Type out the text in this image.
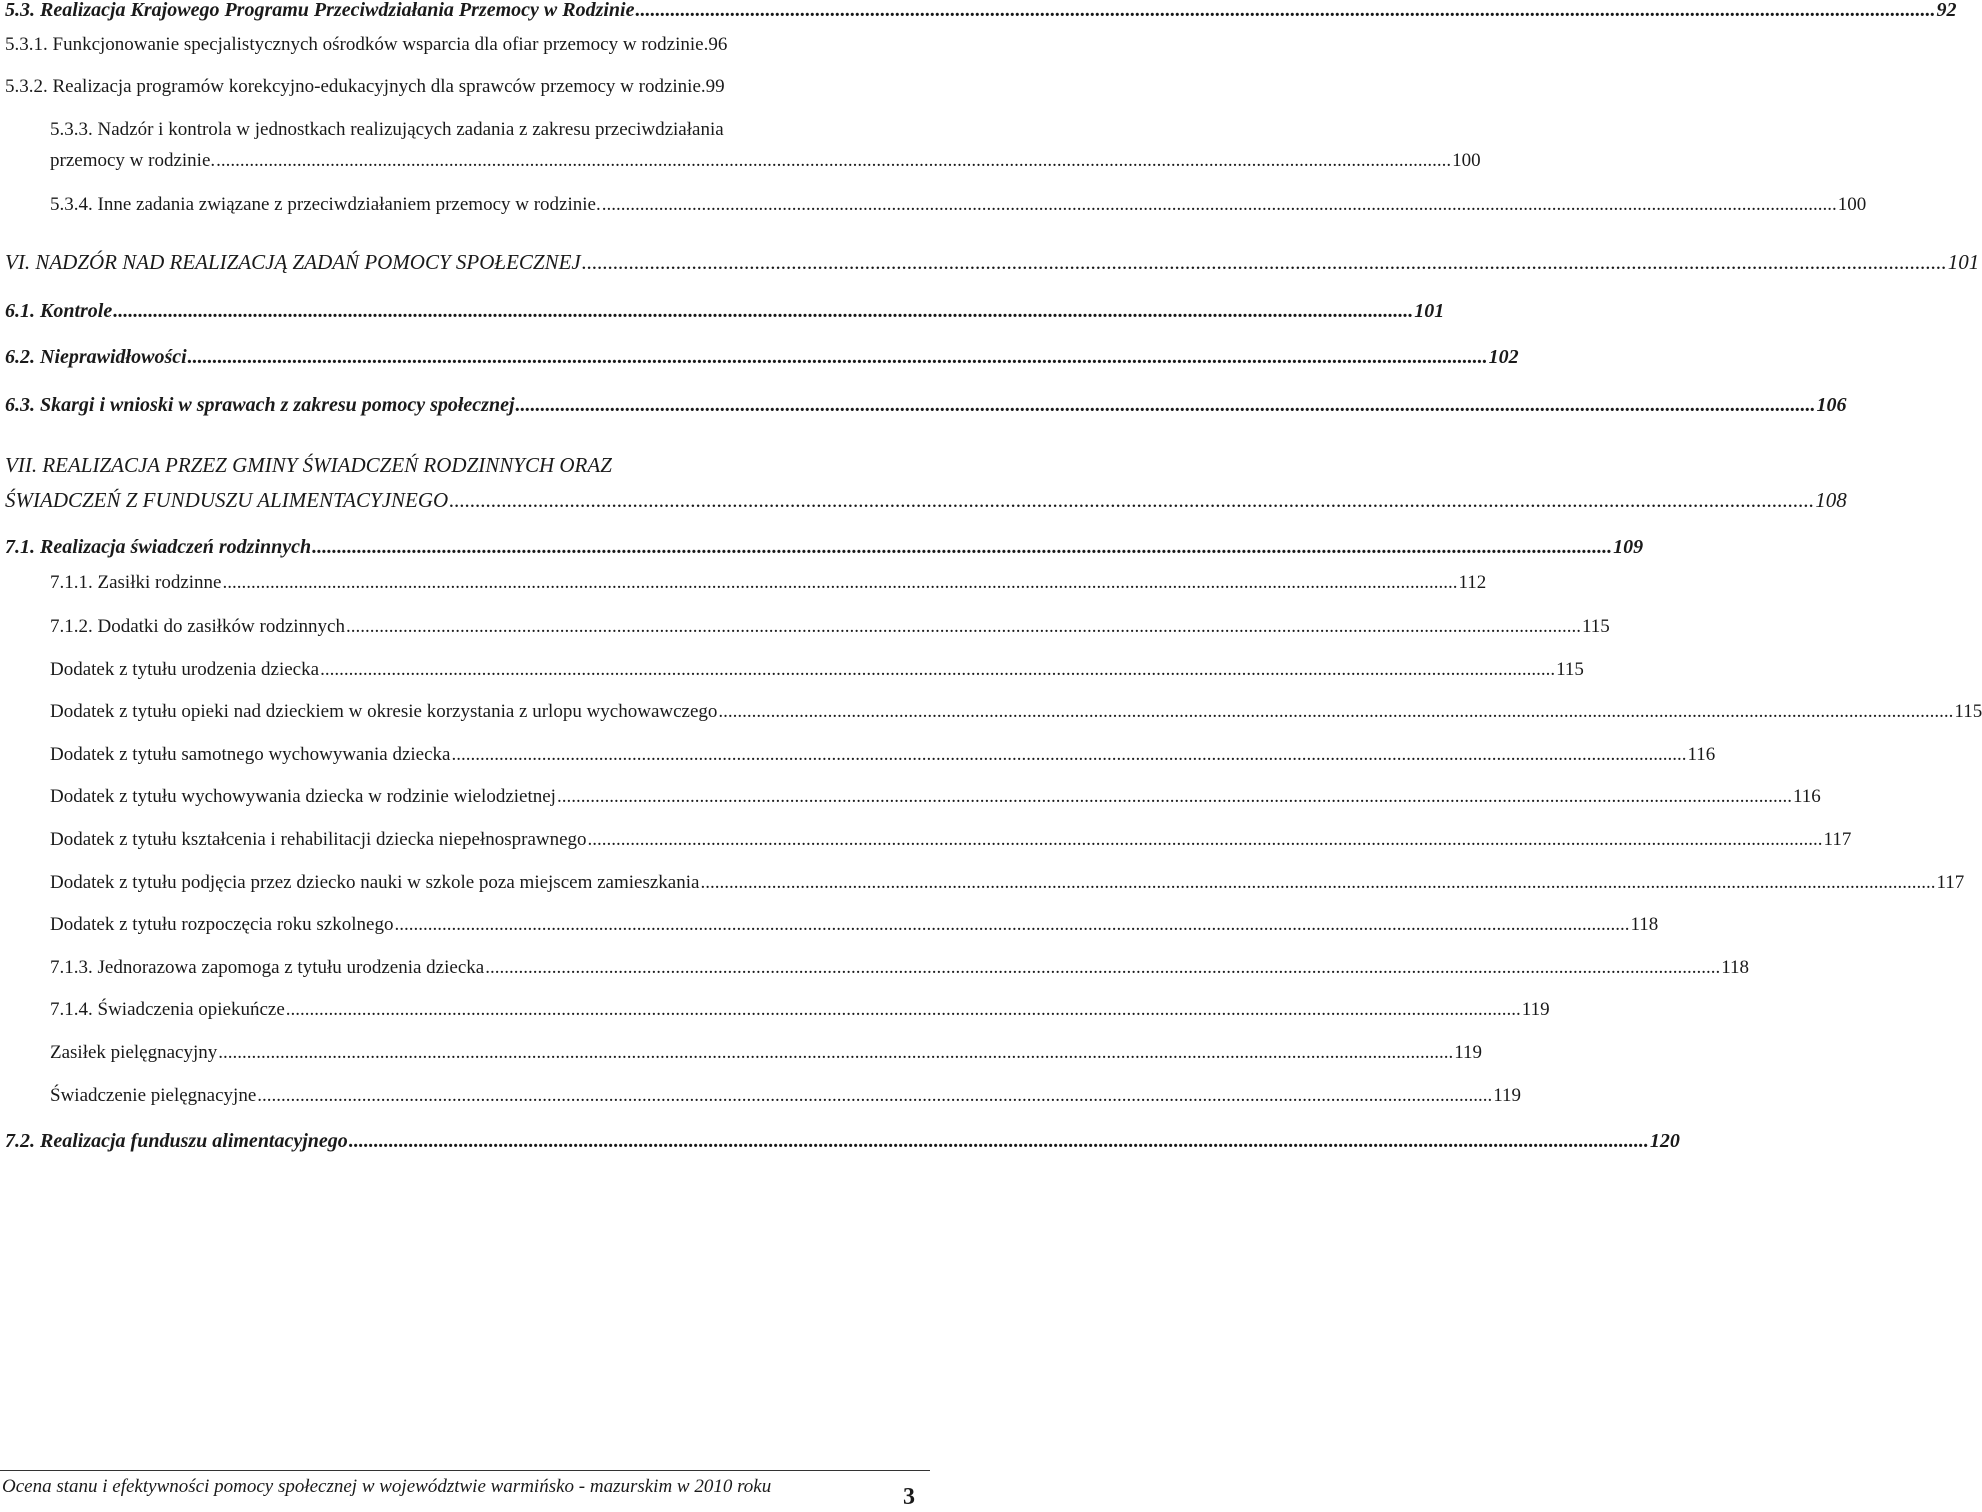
5.3. Realizacja Krajowego Programu Przeciwdziałania Przemocy w Rodzinie .....	92
5.3.1. Funkcjonowanie specjalistycznych ośrodków wsparcia dla ofiar przemocy w rodzinie. 96
5.3.2. Realizacja programów korekcyjno-edukacyjnych dla sprawców przemocy w rodzinie. 99
5.3.3. Nadzór i kontrola w jednostkach realizujących zadania z zakresu przeciwdziałania
przemocy w rodzinie. .....	100
5.3.4. Inne zadania związane z przeciwdziałaniem przemocy w rodzinie. .....	100
VI. NADZÓR NAD REALIZACJĄ ZADAŃ POMOCY SPOŁECZNEJ .....	101
6.1. Kontrole .....	101
6.2. Nieprawidłowości .....	102
6.3. Skargi i wnioski w sprawach z zakresu pomocy społecznej .....	106
VII. REALIZACJA PRZEZ GMINY ŚWIADCZEŃ RODZINNYCH ORAZ
ŚWIADCZEŃ Z FUNDUSZU ALIMENTACYJNEGO .....	108
7.1. Realizacja świadczeń rodzinnych .....	109
7.1.1. Zasiłki rodzinne .....	112
7.1.2. Dodatki do zasiłków rodzinnych .....	115
Dodatek z tytułu urodzenia dziecka .....	115
Dodatek z tytułu opieki nad dzieckiem w okresie korzystania z urlopu wychowawczego .....	115
Dodatek z tytułu samotnego wychowywania dziecka .....	116
Dodatek z tytułu wychowywania dziecka w rodzinie wielodzietnej .....	116
Dodatek z tytułu kształcenia i rehabilitacji dziecka niepełnosprawnego .....	117
Dodatek z tytułu podjęcia przez dziecko nauki w szkole poza miejscem zamieszkania .....	117
Dodatek z tytułu rozpoczęcia roku szkolnego .....	118
7.1.3. Jednorazowa zapomoga z tytułu urodzenia dziecka .....	118
7.1.4. Świadczenia opiekuńcze .....	119
Zasiłek pielęgnacyjny .....	119
Świadczenie pielęgnacyjne .....	119
7.2. Realizacja funduszu alimentacyjnego .....	120
Ocena stanu i efektywności pomocy społecznej w województwie warmińsko - mazurskim w 2010 roku	3
